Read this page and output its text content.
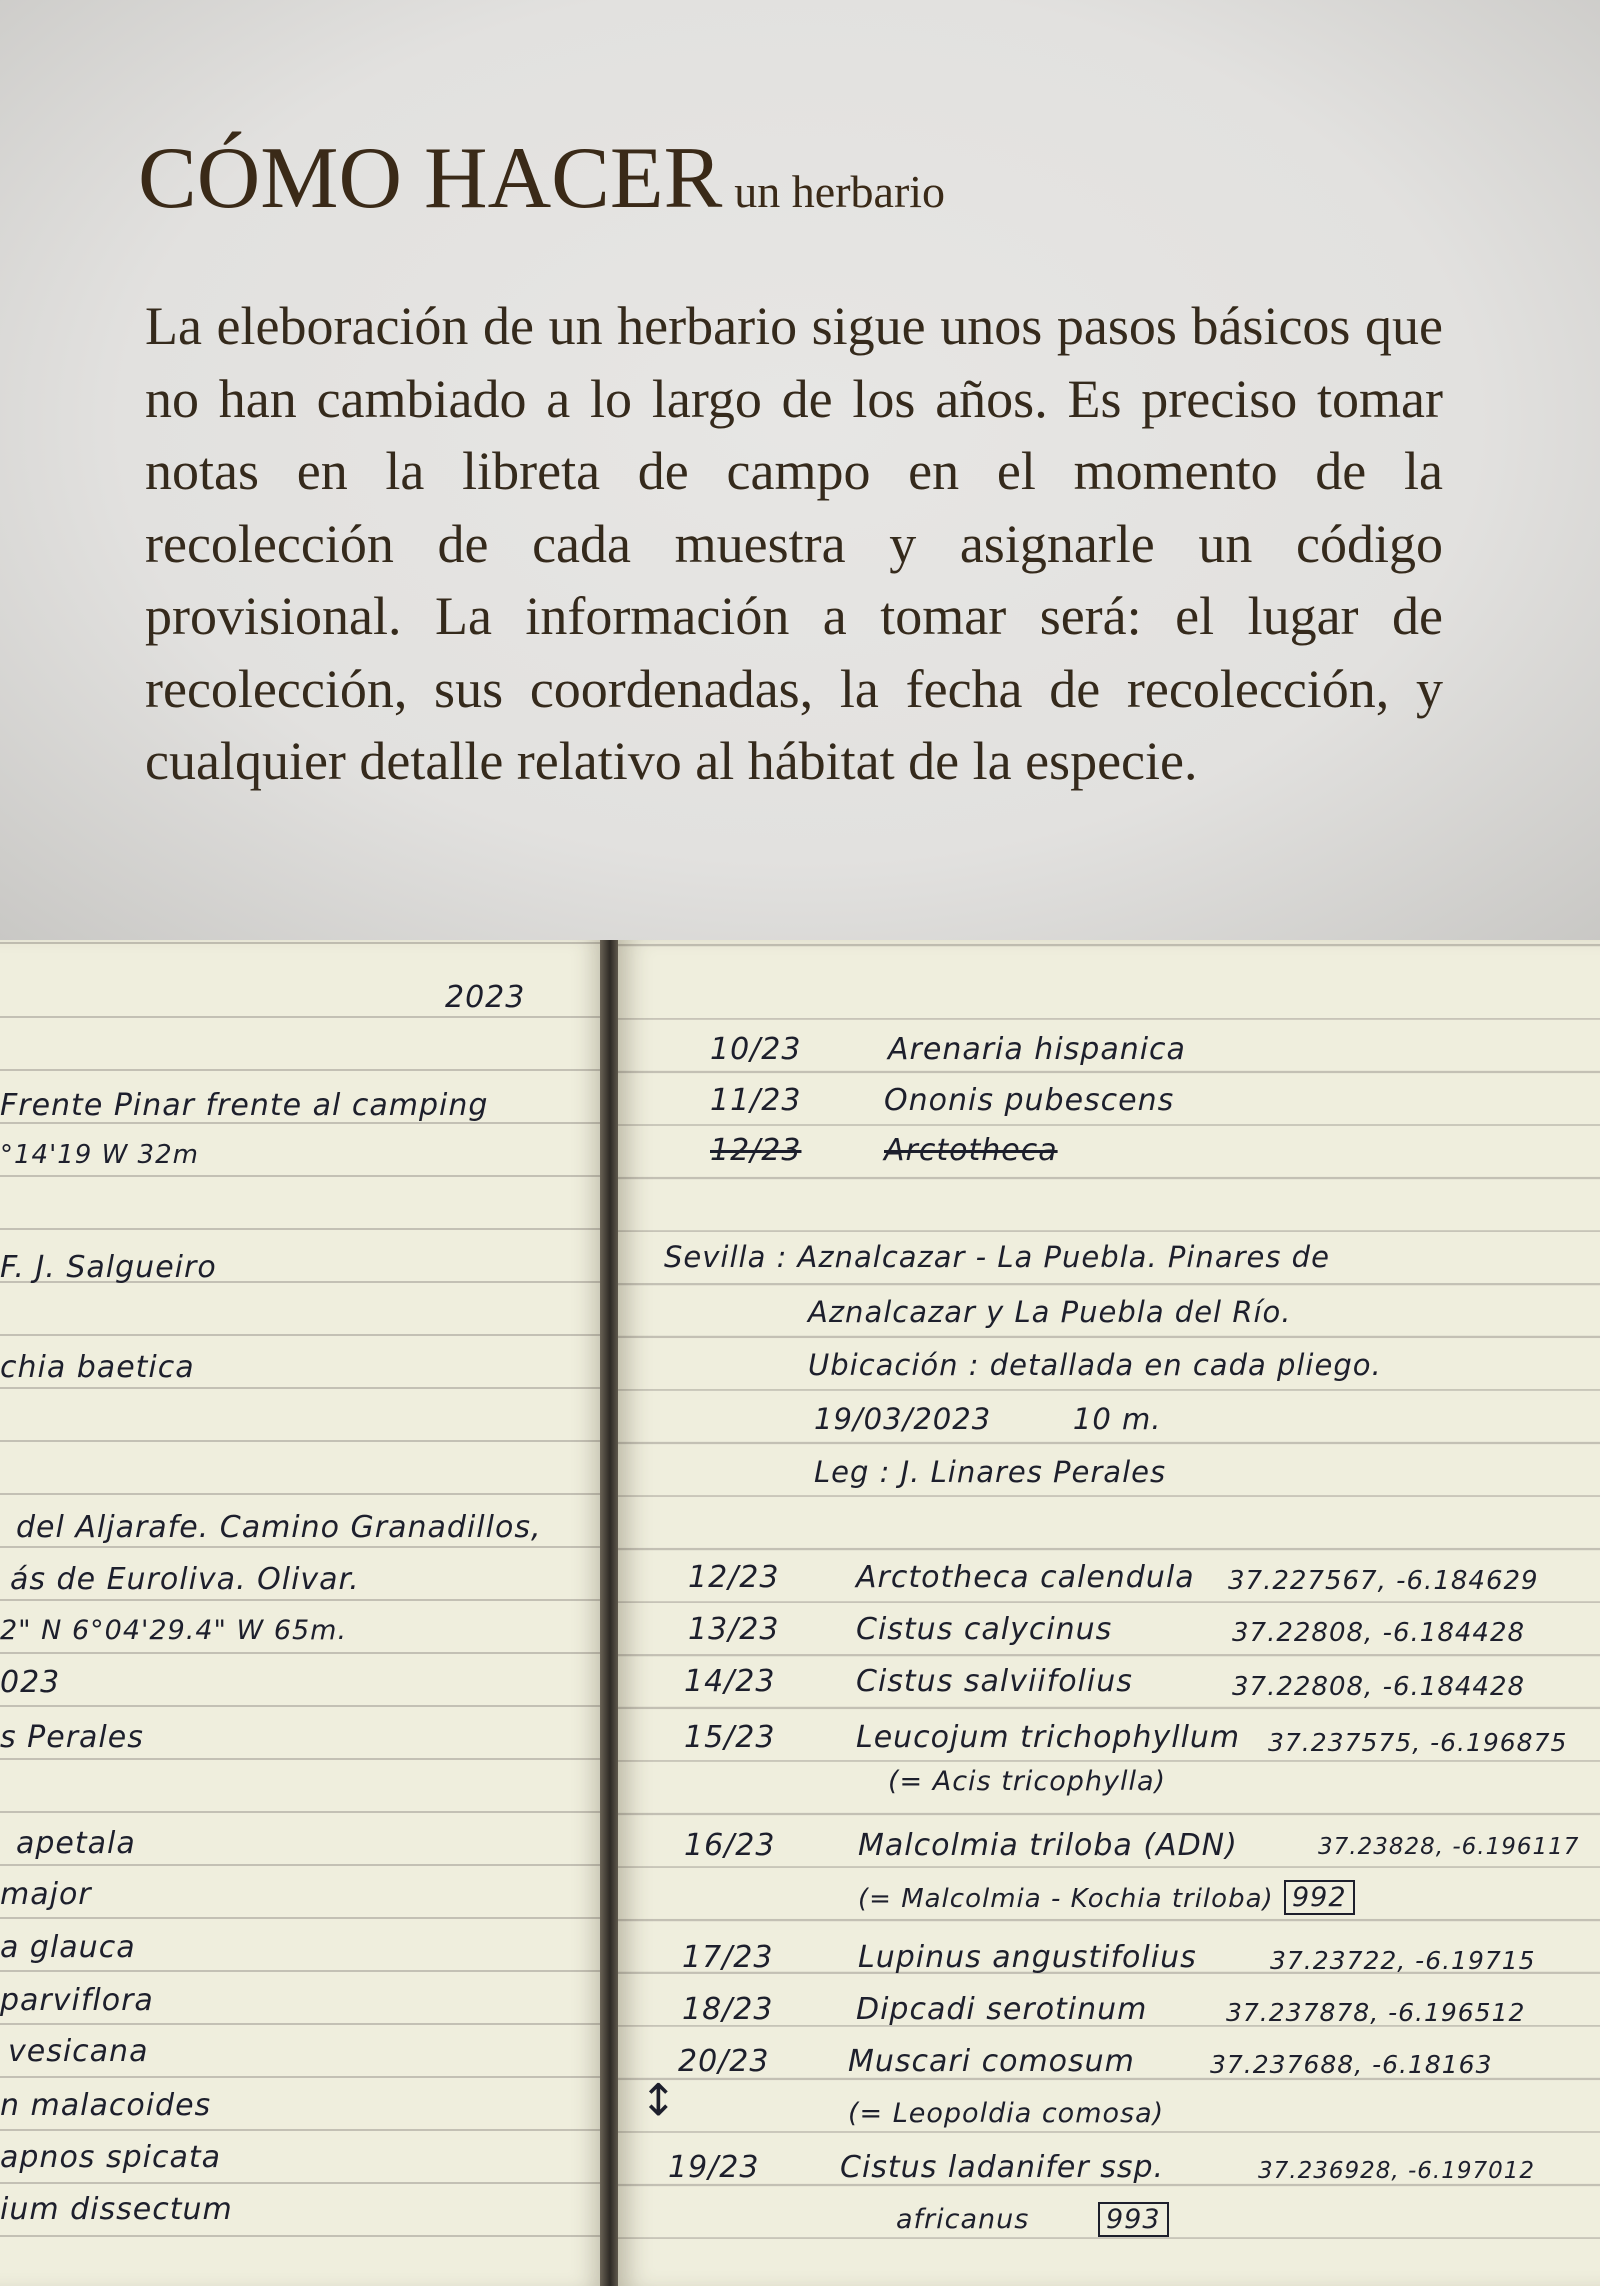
CÓMO HACER un herbario

La eleboración de un herbario sigue unos pasos básicos que no han cambiado a lo largo de los años. Es preciso tomar notas en la libreta de campo en el momento de la recolección de cada muestra y asignarle un código provisional. La información a tomar será: el lugar de recolección, sus coordenadas, la fecha de recolección, y cualquier detalle relativo al hábitat de la especie.

2023
Frente Pinar frente al camping
°14'19 W 32m
F. J. Salgueiro
chia baetica
del Aljarafe. Camino Granadillos,
ás de Euroliva. Olivar.
2" N 6°04'29.4" W 65m.
023
s Perales
apetala
major
a glauca
parviflora
vesicana
n malacoides
apnos spicata
ium dissectum
10/23	Arenaria hispanica
11/23	Ononis pubescens
12/23	Arctotheca
Sevilla : Aznalcazar - La Puebla. Pinares de
Aznalcazar y La Puebla del Río.
Ubicación : detallada en cada pliego.
19/03/2023        10 m.
Leg : J. Linares Perales
12/23	Arctotheca calendula 37.227567, -6.184629
13/23	Cistus calycinus	37.22808, -6.184428
14/23	Cistus salviifolius	37.22808, -6.184428
15/23	Leucojum trichophyllum 37.237575, -6.196875
(= Acis tricophylla)
16/23	Malcolmia triloba (ADN)	37.23828, -6.196117
(= Malcolmia - Kochia triloba) 992
17/23	Lupinus angustifolius	37.23722, -6.19715
18/23	Dipcadi serotinum	37.237878, -6.196512
20/23	Muscari comosum	37.237688, -6.18163
(= Leopoldia comosa)
19/23	Cistus ladanifer ssp.	37.236928, -6.197012
africanus	993
↕
